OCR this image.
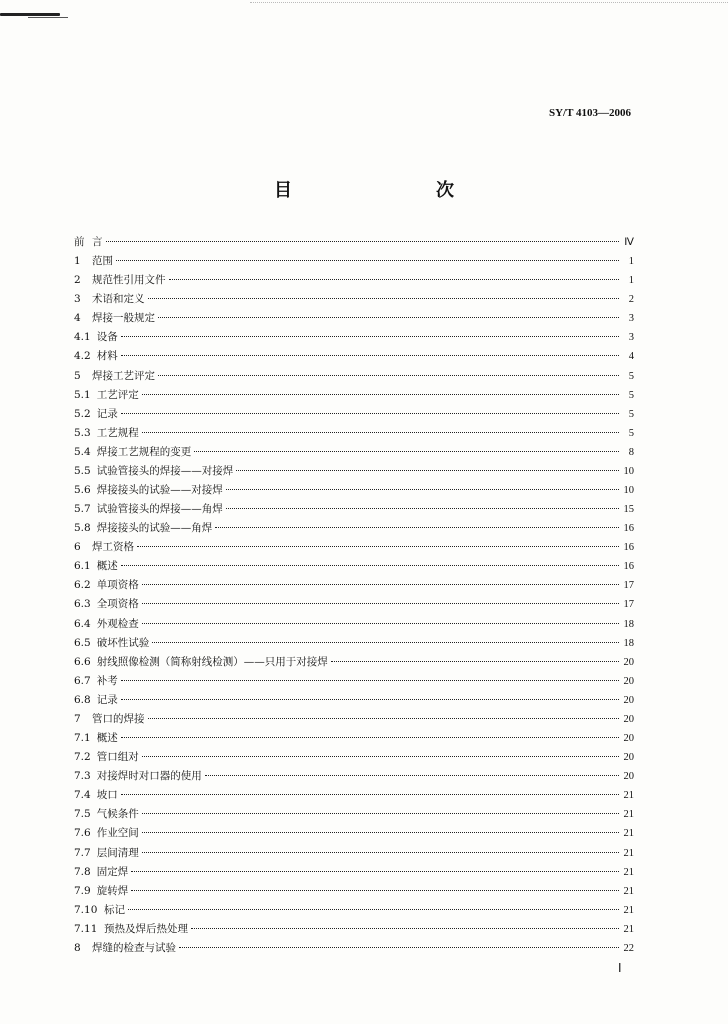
SY/T 4103—2006
目　　次
前 言	Ⅳ
1	范围	1
2	规范性引用文件	1
3	术语和定义	2
4	焊接一般规定	3
4.1 设备	3
4.2 材料	4
5	焊接工艺评定	5
5.1 工艺评定	5
5.2 记录	5
5.3 工艺规程	5
5.4 焊接工艺规程的变更	8
5.5 试验管接头的焊接——对接焊	10
5.6 焊接接头的试验——对接焊	10
5.7 试验管接头的焊接——角焊	15
5.8 焊接接头的试验——角焊	16
6	焊工资格	16
6.1 概述	16
6.2 单项资格	17
6.3 全项资格	17
6.4 外观检查	18
6.5 破坏性试验	18
6.6 射线照像检测（简称射线检测）——只用于对接焊	20
6.7 补考	20
6.8 记录	20
7	管口的焊接	20
7.1 概述	20
7.2 管口组对	20
7.3 对接焊时对口器的使用	20
7.4 坡口	21
7.5 气候条件	21
7.6 作业空间	21
7.7 层间清理	21
7.8 固定焊	21
7.9 旋转焊	21
7.10 标记	21
7.11 预热及焊后热处理	21
8	焊缝的检查与试验	22
Ⅰ
